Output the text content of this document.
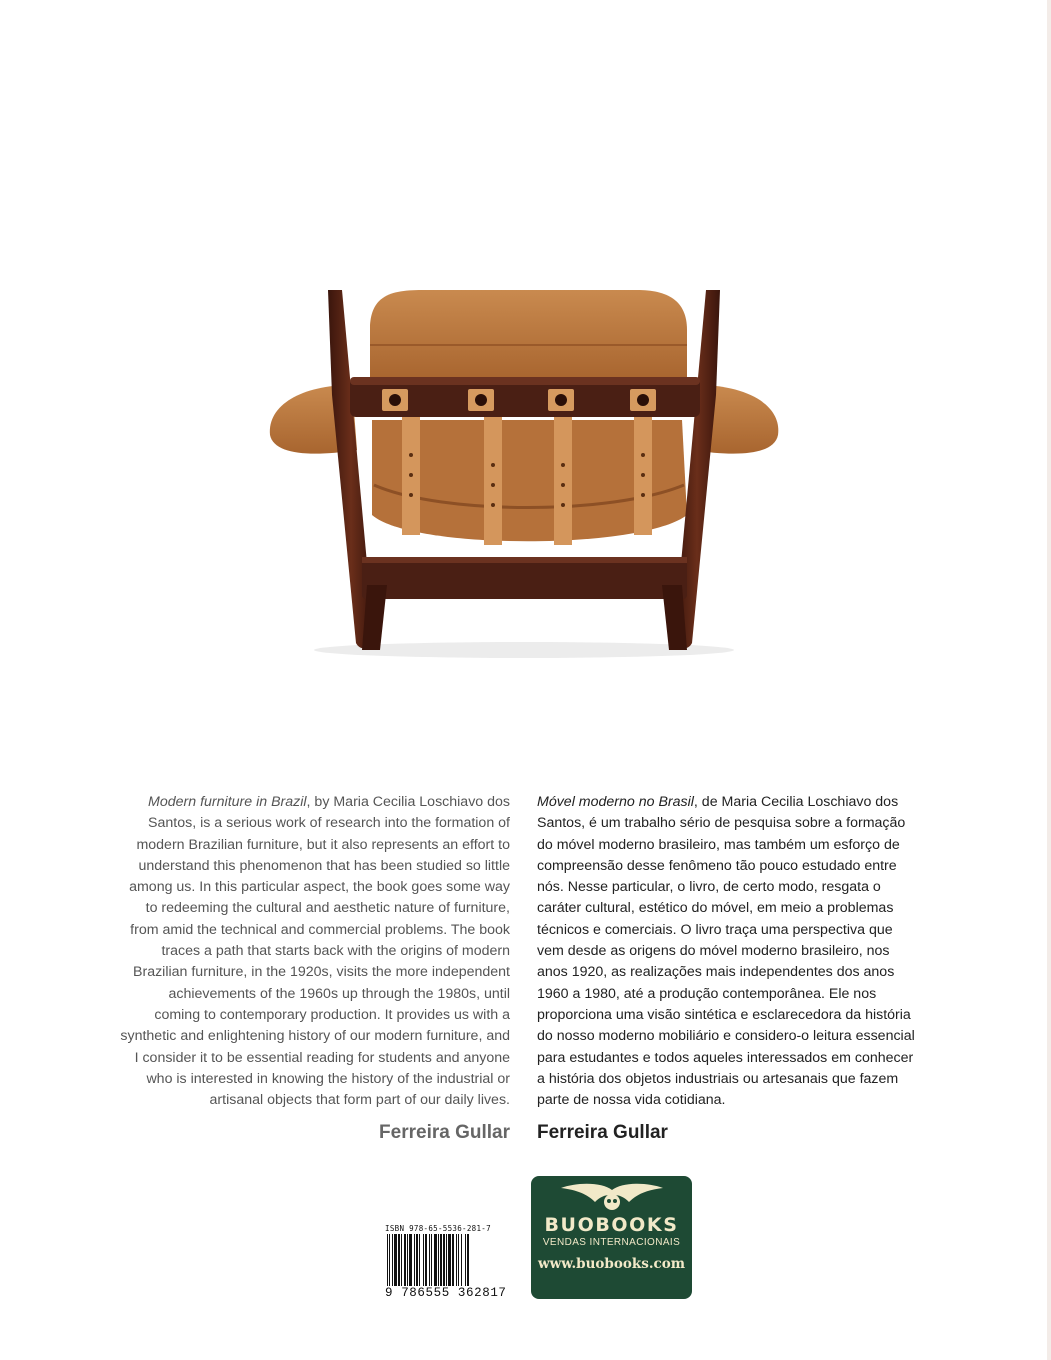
Modern furniture in Brazil, by Maria Cecilia Loschiavo dos Santos, is a serious work of research into the formation of modern Brazilian furniture, but it also represents an effort to understand this phenomenon that has been studied so little among us. In this particular aspect, the book goes some way to redeeming the cultural and aesthetic nature of furniture, from amid the technical and commercial problems. The book traces a path that starts back with the origins of modern Brazilian furniture, in the 1920s, visits the more independent achievements of the 1960s up through the 1980s, until coming to contemporary production. It provides us with a synthetic and enlightening history of our modern furniture, and I consider it to be essential reading for students and anyone who is interested in knowing the history of the industrial or artisanal objects that form part of our daily lives.

Ferreira Gullar

Móvel moderno no Brasil, de Maria Cecilia Loschiavo dos Santos, é um trabalho sério de pesquisa sobre a formação do móvel moderno brasileiro, mas também um esforço de compreensão desse fenômeno tão pouco estudado entre nós. Nesse particular, o livro, de certo modo, resgata o caráter cultural, estético do móvel, em meio a problemas técnicos e comerciais. O livro traça uma perspectiva que vem desde as origens do móvel moderno brasileiro, nos anos 1920, as realizações mais independentes dos anos 1960 a 1980, até a produção contemporânea. Ele nos proporciona uma visão sintética e esclarecedora da história do nosso moderno mobiliário e considero-o leitura essencial para estudantes e todos aqueles interessados em conhecer a história dos objetos industriais ou artesanais que fazem parte de nossa vida cotidiana.

Ferreira Gullar
ISBN 978-65-5536-281-7
9 786555 362817
BUOBOOKS
VENDAS INTERNACIONAIS
www.buobooks.com
